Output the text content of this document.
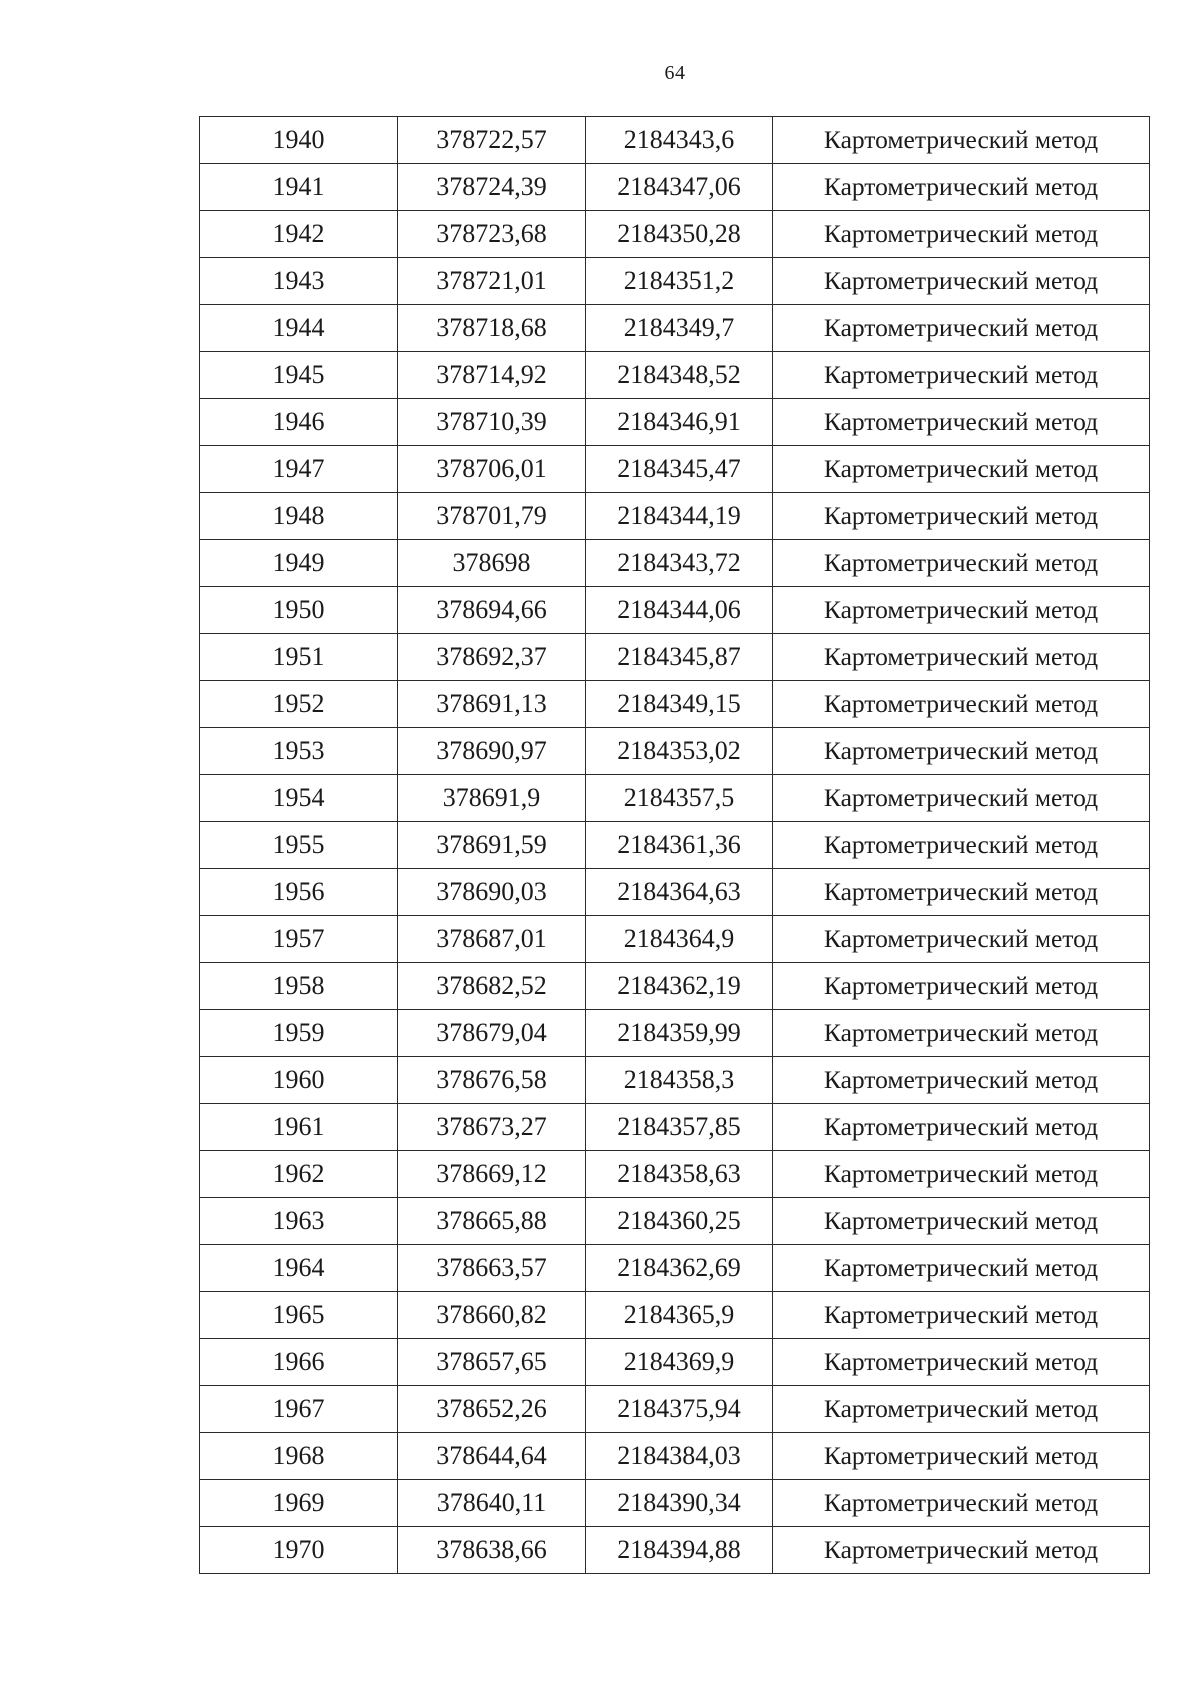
64
1940	378722,57	2184343,6	Картометрический метод
1941	378724,39	2184347,06	Картометрический метод
1942	378723,68	2184350,28	Картометрический метод
1943	378721,01	2184351,2	Картометрический метод
1944	378718,68	2184349,7	Картометрический метод
1945	378714,92	2184348,52	Картометрический метод
1946	378710,39	2184346,91	Картометрический метод
1947	378706,01	2184345,47	Картометрический метод
1948	378701,79	2184344,19	Картометрический метод
1949	378698	2184343,72	Картометрический метод
1950	378694,66	2184344,06	Картометрический метод
1951	378692,37	2184345,87	Картометрический метод
1952	378691,13	2184349,15	Картометрический метод
1953	378690,97	2184353,02	Картометрический метод
1954	378691,9	2184357,5	Картометрический метод
1955	378691,59	2184361,36	Картометрический метод
1956	378690,03	2184364,63	Картометрический метод
1957	378687,01	2184364,9	Картометрический метод
1958	378682,52	2184362,19	Картометрический метод
1959	378679,04	2184359,99	Картометрический метод
1960	378676,58	2184358,3	Картометрический метод
1961	378673,27	2184357,85	Картометрический метод
1962	378669,12	2184358,63	Картометрический метод
1963	378665,88	2184360,25	Картометрический метод
1964	378663,57	2184362,69	Картометрический метод
1965	378660,82	2184365,9	Картометрический метод
1966	378657,65	2184369,9	Картометрический метод
1967	378652,26	2184375,94	Картометрический метод
1968	378644,64	2184384,03	Картометрический метод
1969	378640,11	2184390,34	Картометрический метод
1970	378638,66	2184394,88	Картометрический метод
